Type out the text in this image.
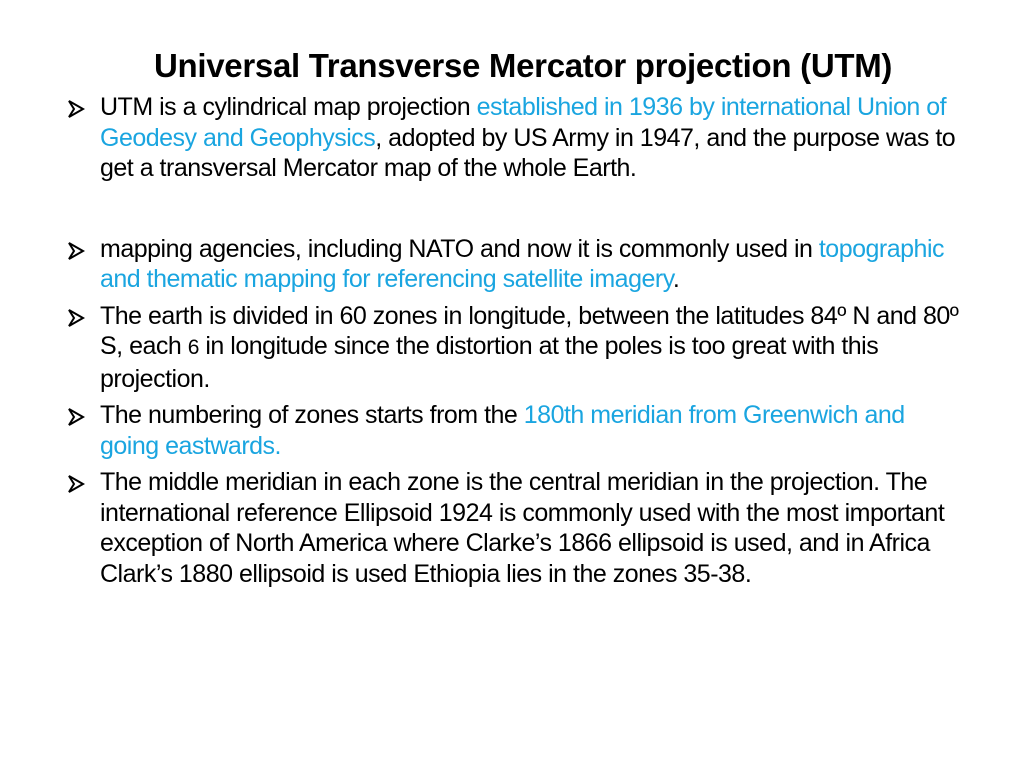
Universal Transverse Mercator projection (UTM)
UTM is a cylindrical map projection established in 1936 by international Union of Geodesy and Geophysics, adopted by US Army in 1947, and the purpose was to get a transversal Mercator map of the whole Earth.
mapping agencies, including NATO and now it is commonly used in topographic and thematic mapping for referencing satellite imagery.
The earth is divided in 60 zones in longitude, between the latitudes 84º N and 80º S, each 6 in longitude since the distortion at the poles is too great with this projection.
The numbering of zones starts from the 180th meridian from Greenwich and going eastwards.
The middle meridian in each zone is the central meridian in the projection. The international reference Ellipsoid 1924 is commonly used with the most important exception of North America where Clarke’s 1866 ellipsoid is used, and in Africa Clark’s 1880 ellipsoid is used Ethiopia lies in the zones 35-38.
